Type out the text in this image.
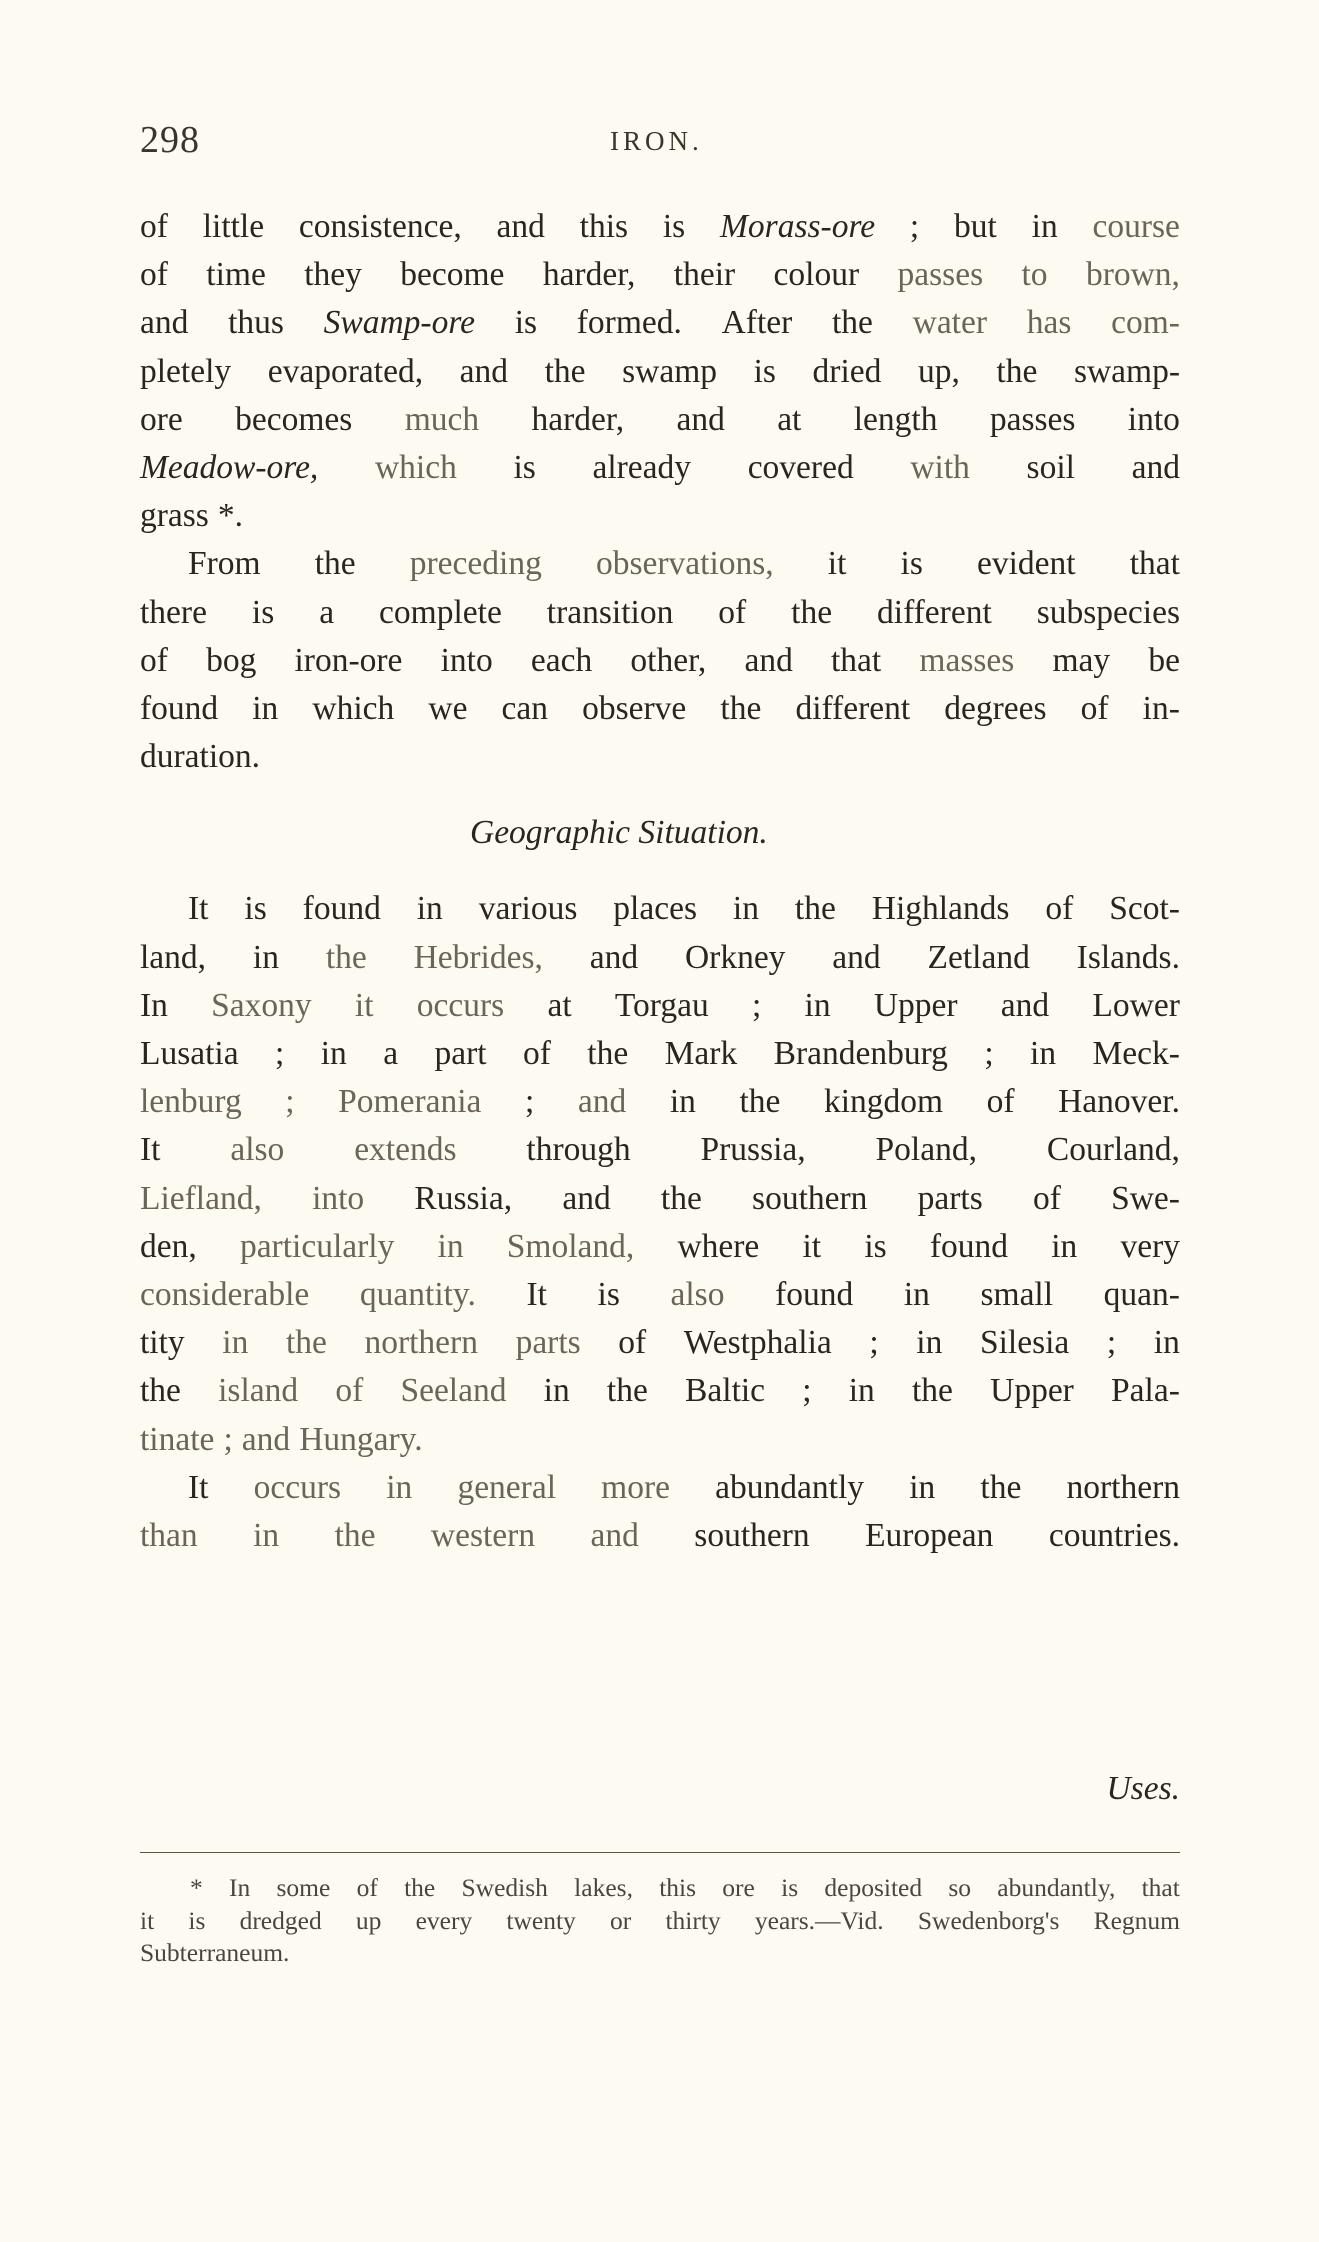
298	IRON.
of little consistence, and this is Morass-ore ; but in course
of time they become harder, their colour passes to brown,
and thus Swamp-ore is formed. After the water has com-
pletely evaporated, and the swamp is dried up, the swamp-
ore becomes much harder, and at length passes into
Meadow-ore, which is already covered with soil and
grass *.
From the preceding observations, it is evident that
there is a complete transition of the different subspecies
of bog iron-ore into each other, and that masses may be
found in which we can observe the different degrees of in-
duration.
Geographic Situation.
It is found in various places in the Highlands of Scot-
land, in the Hebrides, and Orkney and Zetland Islands.
In Saxony it occurs at Torgau ; in Upper and Lower
Lusatia ; in a part of the Mark Brandenburg ; in Meck-
lenburg ; Pomerania ; and in the kingdom of Hanover.
It also extends through Prussia, Poland, Courland,
Liefland, into Russia, and the southern parts of Swe-
den, particularly in Smoland, where it is found in very
considerable quantity. It is also found in small quan-
tity in the northern parts of Westphalia ; in Silesia ; in
the island of Seeland in the Baltic ; in the Upper Pala-
tinate ; and Hungary.
It occurs in general more abundantly in the northern
than in the western and southern European countries.
Uses.
* In some of the Swedish lakes, this ore is deposited so abundantly, that
it is dredged up every twenty or thirty years.—Vid. Swedenborg's Regnum
Subterraneum.
